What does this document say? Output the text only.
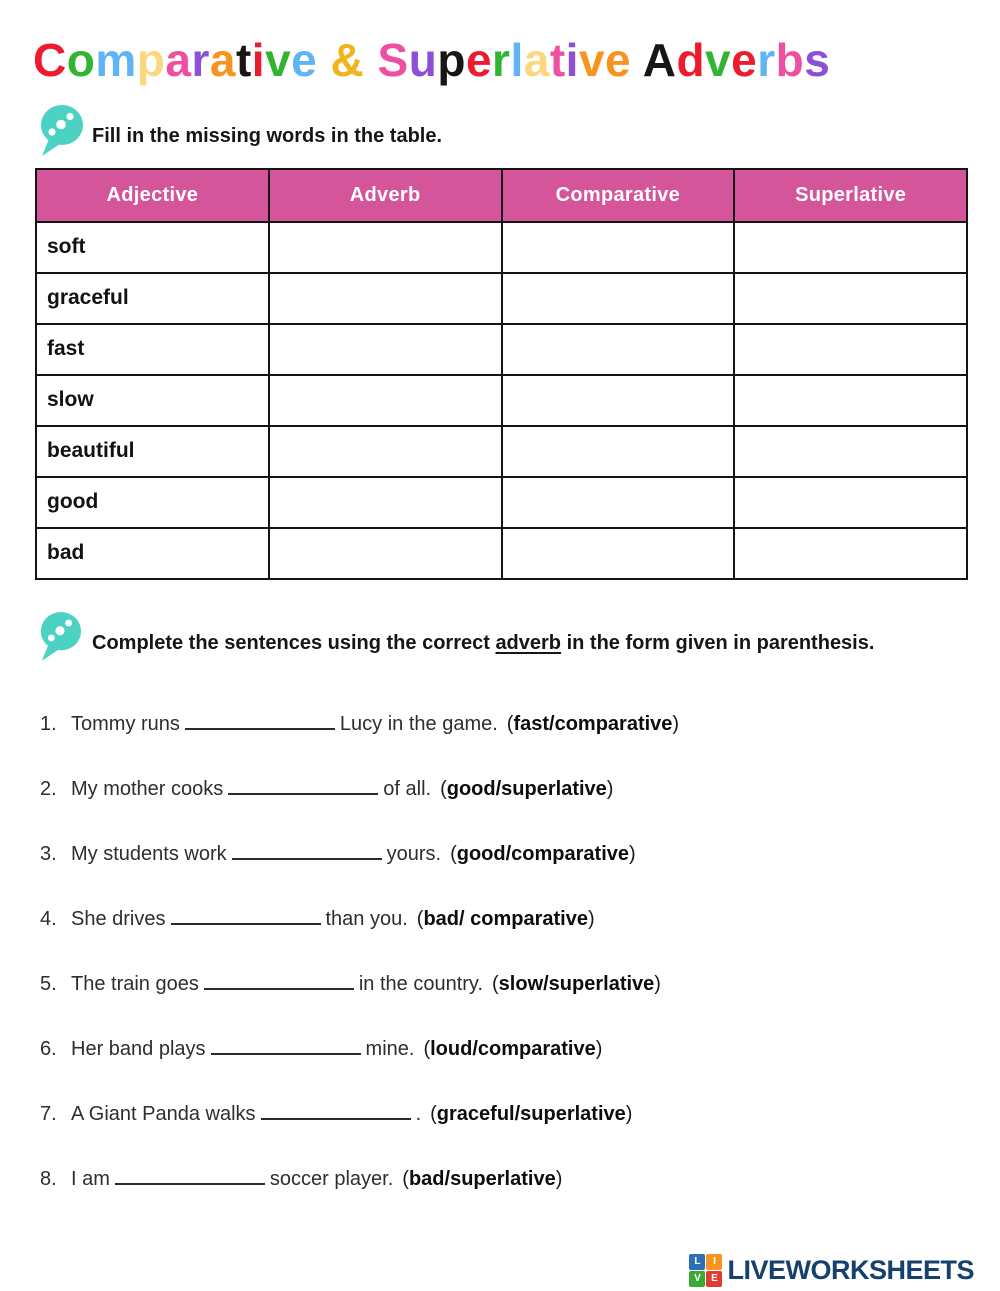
Comparative & Superlative Adverbs

Fill in the missing words in the table.

Adjective	Adverb	Comparative	Superlative
soft			
graceful			
fast			
slow			
beautiful			
good			
bad			

Complete the sentences using the correct adverb in the form given in parenthesis.

1. Tommy runs	Lucy in the game. (fast/comparative)
2. My mother cooks	of all. (good/superlative)
3. My students work	yours. (good/comparative)
4. She drives	than you. (bad/ comparative)
5. The train goes	in the country. (slow/superlative)
6. Her band plays	mine. (loud/comparative)
7. A Giant Panda walks	. (graceful/superlative)
8. I am	soccer player. (bad/superlative)
L	I
V	E LIVEWORKSHEETS
